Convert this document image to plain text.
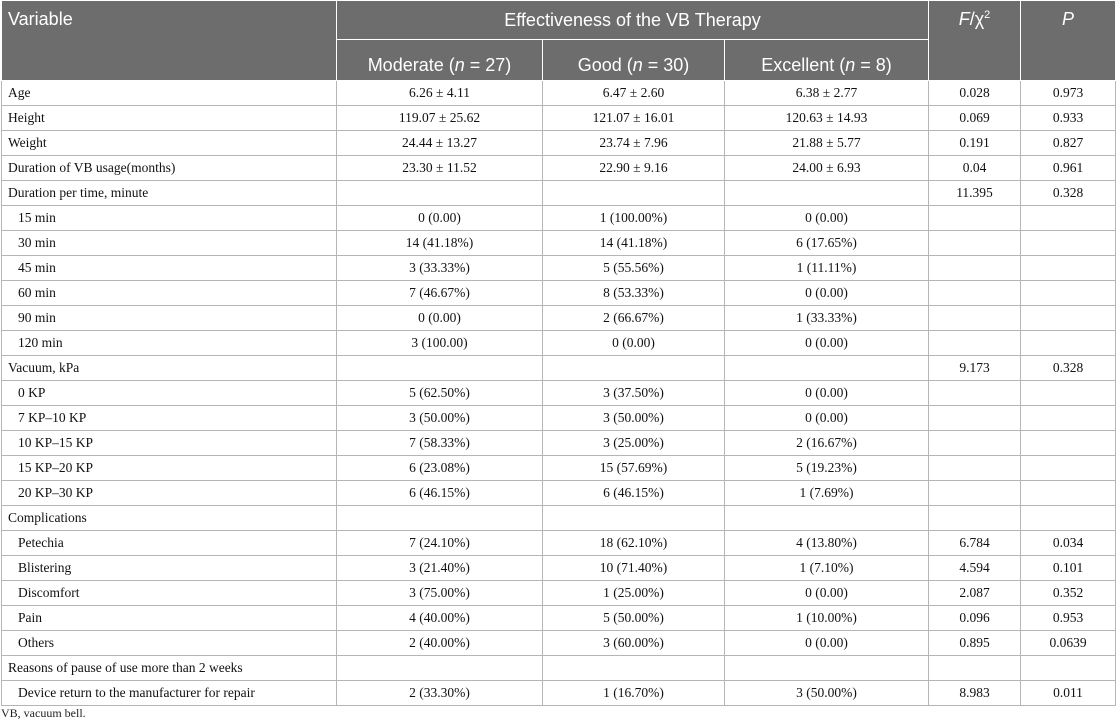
Variable	Effectiveness of the VB Therapy			$F/\chi^2$	P
	Moderate (n = 27)	Good (n = 30)	Excellent (n = 8)		
Age	6.26 ± 4.11	6.47 ± 2.60	6.38 ± 2.77	0.028	0.973
Height	119.07 ± 25.62	121.07 ± 16.01	120.63 ± 14.93	0.069	0.933
Weight	24.44 ± 13.27	23.74 ± 7.96	21.88 ± 5.77	0.191	0.827
Duration of VB usage(months)	23.30 ± 11.52	22.90 ± 9.16	24.00 ± 6.93	0.04	0.961
Duration per time, minute				11.395	0.328
15 min	0 (0.00)	1 (100.00%)	0 (0.00)		
30 min	14 (41.18%)	14 (41.18%)	6 (17.65%)		
45 min	3 (33.33%)	5 (55.56%)	1 (11.11%)		
60 min	7 (46.67%)	8 (53.33%)	0 (0.00)		
90 min	0 (0.00)	2 (66.67%)	1 (33.33%)		
120 min	3 (100.00)	0 (0.00)	0 (0.00)		
Vacuum, kPa				9.173	0.328
0 KP	5 (62.50%)	3 (37.50%)	0 (0.00)		
7 KP–10 KP	3 (50.00%)	3 (50.00%)	0 (0.00)		
10 KP–15 KP	7 (58.33%)	3 (25.00%)	2 (16.67%)		
15 KP–20 KP	6 (23.08%)	15 (57.69%)	5 (19.23%)		
20 KP–30 KP	6 (46.15%)	6 (46.15%)	1 (7.69%)		
Complications					
Petechia	7 (24.10%)	18 (62.10%)	4 (13.80%)	6.784	0.034
Blistering	3 (21.40%)	10 (71.40%)	1 (7.10%)	4.594	0.101
Discomfort	3 (75.00%)	1 (25.00%)	0 (0.00)	2.087	0.352
Pain	4 (40.00%)	5 (50.00%)	1 (10.00%)	0.096	0.953
Others	2 (40.00%)	3 (60.00%)	0 (0.00)	0.895	0.0639
Reasons of pause of use more than 2 weeks					
Device return to the manufacturer for repair	2 (33.30%)	1 (16.70%)	3 (50.00%)	8.983	0.011
VB, vacuum bell.
